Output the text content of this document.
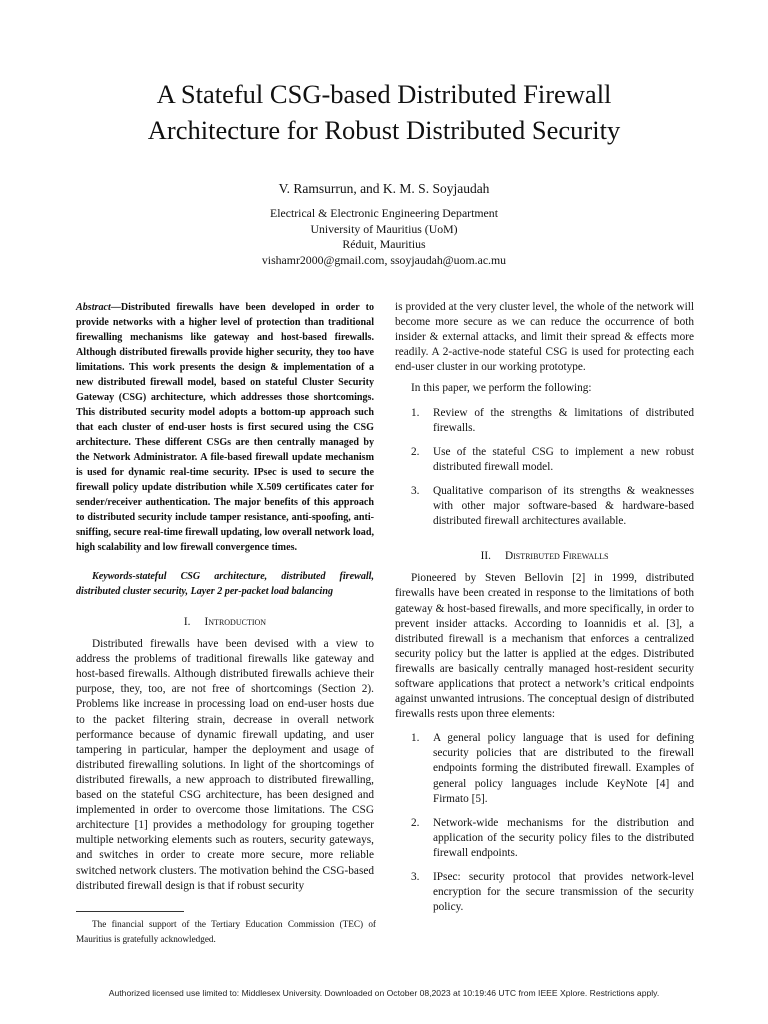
A Stateful CSG-based Distributed Firewall
Architecture for Robust Distributed Security
V. Ramsurrun, and K. M. S. Soyjaudah
Electrical & Electronic Engineering Department
University of Mauritius (UoM)
Réduit, Mauritius
vishamr2000@gmail.com, ssoyjaudah@uom.ac.mu

Abstract—Distributed firewalls have been developed in order to provide networks with a higher level of protection than traditional firewalling mechanisms like gateway and host-based firewalls. Although distributed firewalls provide higher security, they too have limitations. This work presents the design & implementation of a new distributed firewall model, based on stateful Cluster Security Gateway (CSG) architecture, which addresses those shortcomings. This distributed security model adopts a bottom-up approach such that each cluster of end-user hosts is first secured using the CSG architecture. These different CSGs are then centrally managed by the Network Administrator. A file-based firewall update mechanism is used for dynamic real-time security. IPsec is used to secure the firewall policy update distribution while X.509 certificates cater for sender/receiver authentication. The major benefits of this approach to distributed security include tamper resistance, anti-spoofing, anti-sniffing, secure real-time firewall updating, low overall network load, high scalability and low firewall convergence times.

Keywords-stateful CSG architecture, distributed firewall, distributed cluster security, Layer 2 per-packet load balancing

I. Introduction

Distributed firewalls have been devised with a view to address the problems of traditional firewalls like gateway and host-based firewalls. Although distributed firewalls achieve their purpose, they, too, are not free of shortcomings (Section 2). Problems like increase in processing load on end-user hosts due to the packet filtering strain, decrease in overall network performance because of dynamic firewall updating, and user tampering in particular, hamper the deployment and usage of distributed firewalling solutions. In light of the shortcomings of distributed firewalls, a new approach to distributed firewalling, based on the stateful CSG architecture, has been designed and implemented in order to overcome those limitations. The CSG architecture [1] provides a methodology for grouping together multiple networking elements such as routers, security gateways, and switches in order to create more secure, more reliable switched network clusters. The motivation behind the CSG-based distributed firewall design is that if robust security

is provided at the very cluster level, the whole of the network will become more secure as we can reduce the occurrence of both insider & external attacks, and limit their spread & effects more readily. A 2-active-node stateful CSG is used for protecting each end-user cluster in our working prototype.

In this paper, we perform the following:

1.	Review of the strengths & limitations of distributed firewalls.
2.	Use of the stateful CSG to implement a new robust distributed firewall model.
3.	Qualitative comparison of its strengths & weaknesses with other major software-based & hardware-based distributed firewall architectures available.
II. Distributed Firewalls

Pioneered by Steven Bellovin [2] in 1999, distributed firewalls have been created in response to the limitations of both gateway & host-based firewalls, and more specifically, in order to prevent insider attacks. According to Ioannidis et al. [3], a distributed firewall is a mechanism that enforces a centralized security policy but the latter is applied at the edges. Distributed firewalls are basically centrally managed host-resident security software applications that protect a network’s critical endpoints against unwanted intrusions. The conceptual design of distributed firewalls rests upon three elements:

1.	A general policy language that is used for defining security policies that are distributed to the firewall endpoints forming the distributed firewall. Examples of general policy languages include KeyNote [4] and Firmato [5].
2.	Network-wide mechanisms for the distribution and application of the security policy files to the distributed firewall endpoints.
3.	IPsec: security protocol that provides network-level encryption for the secure transmission of the security policy.

The financial support of the Tertiary Education Commission (TEC) of Mauritius is gratefully acknowledged.

Authorized licensed use limited to: Middlesex University. Downloaded on October 08,2023 at 10:19:46 UTC from IEEE Xplore. Restrictions apply.
